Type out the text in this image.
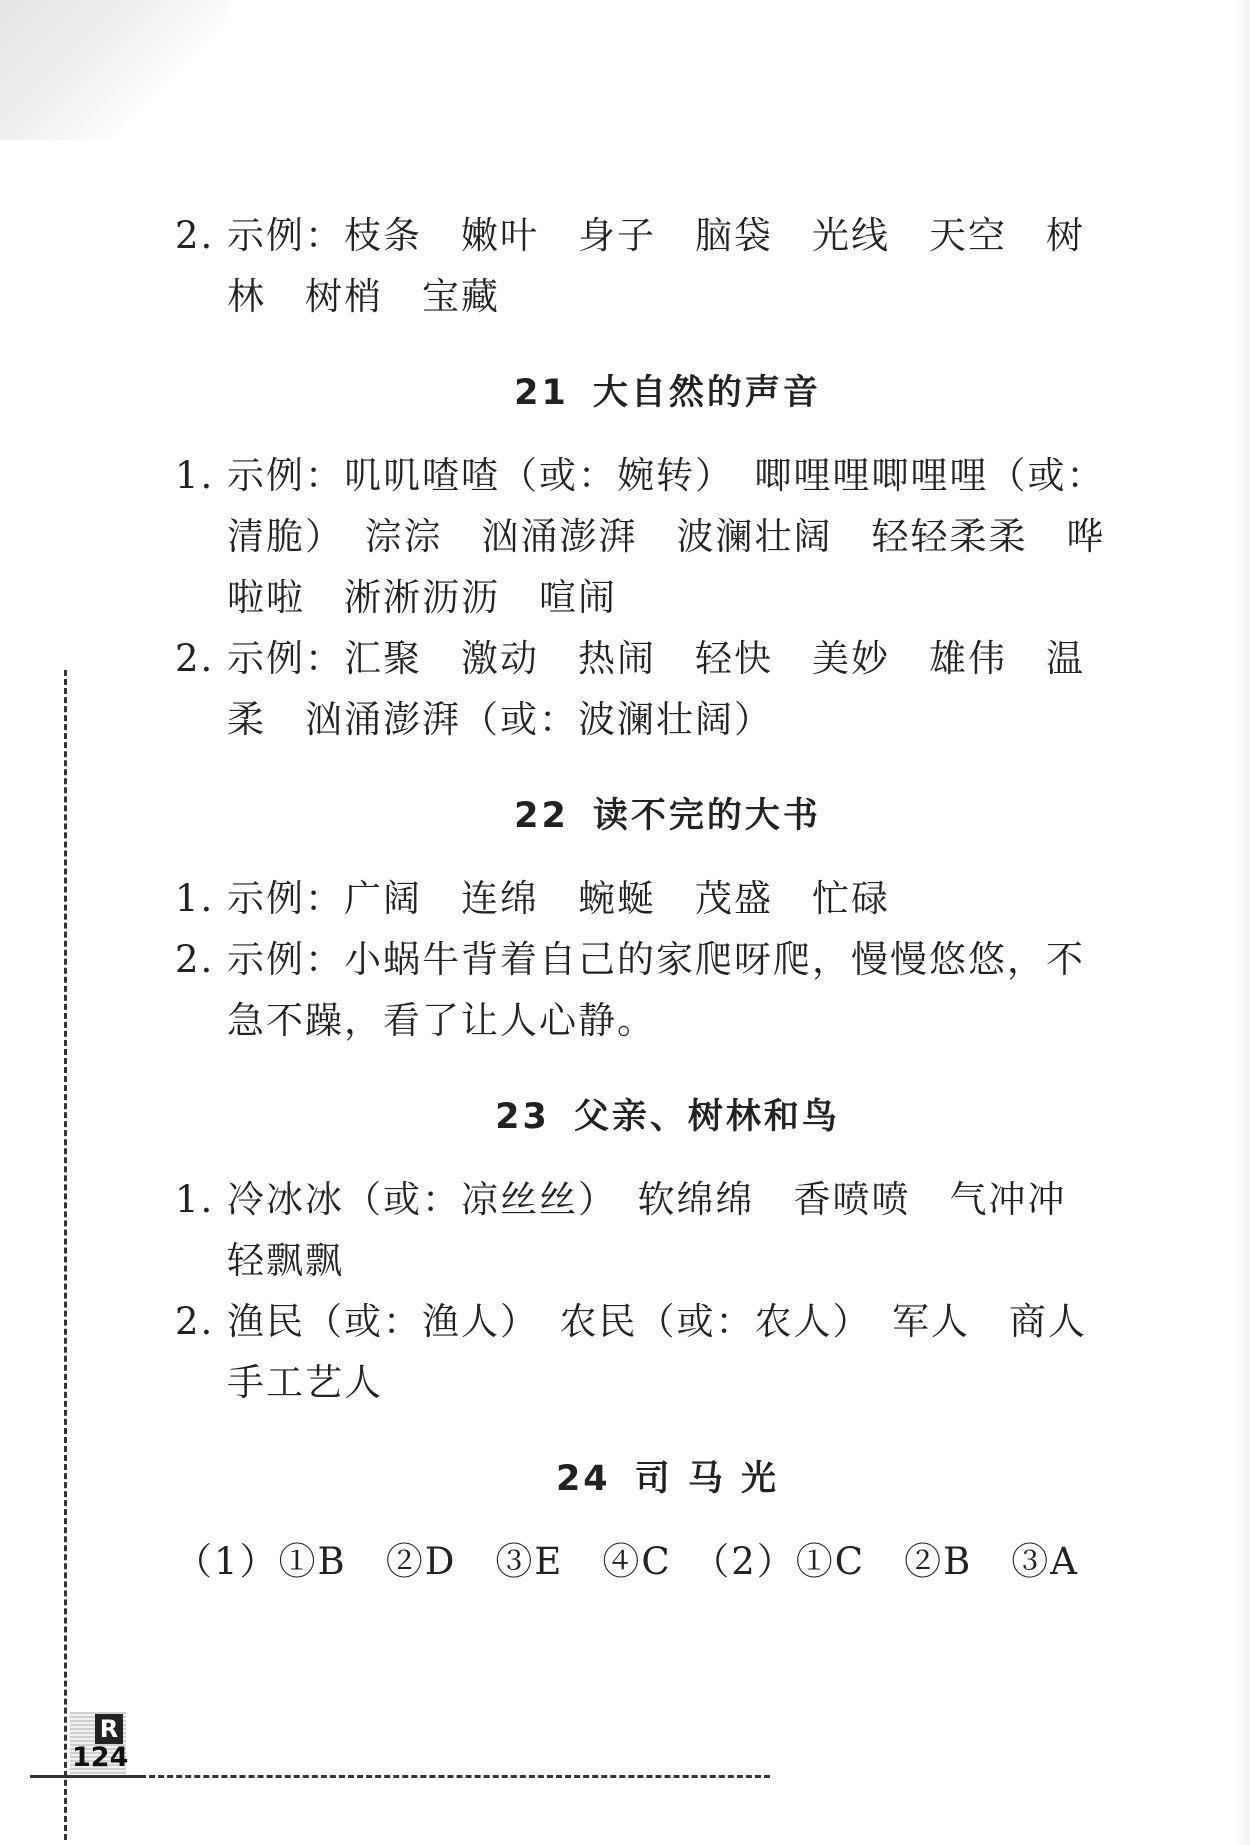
2. 示例：枝条　嫩叶　身子　脑袋　光线　天空　树林　树梢　宝藏
21 大自然的声音
1. 示例：叽叽喳喳（或：婉转）　唧哩哩唧哩哩（或：清脆）　淙淙　汹涌澎湃　波澜壮阔　轻轻柔柔　哗啦啦　淅淅沥沥　喧闹
2. 示例：汇聚　激动　热闹　轻快　美妙　雄伟　温柔　汹涌澎湃（或：波澜壮阔）
22 读不完的大书
1. 示例：广阔　连绵　蜿蜒　茂盛　忙碌
2. 示例：小蜗牛背着自己的家爬呀爬，慢慢悠悠，不急不躁，看了让人心静。
23 父亲、树林和鸟
1. 冷冰冰（或：凉丝丝）　软绵绵　香喷喷　气冲冲　轻飘飘
2. 渔民（或：渔人）　农民（或：农人）　军人　商人　手工艺人
24 司 马 光
（1）①B　②D　③E　④C　（2）①C　②B　③A
R
124
